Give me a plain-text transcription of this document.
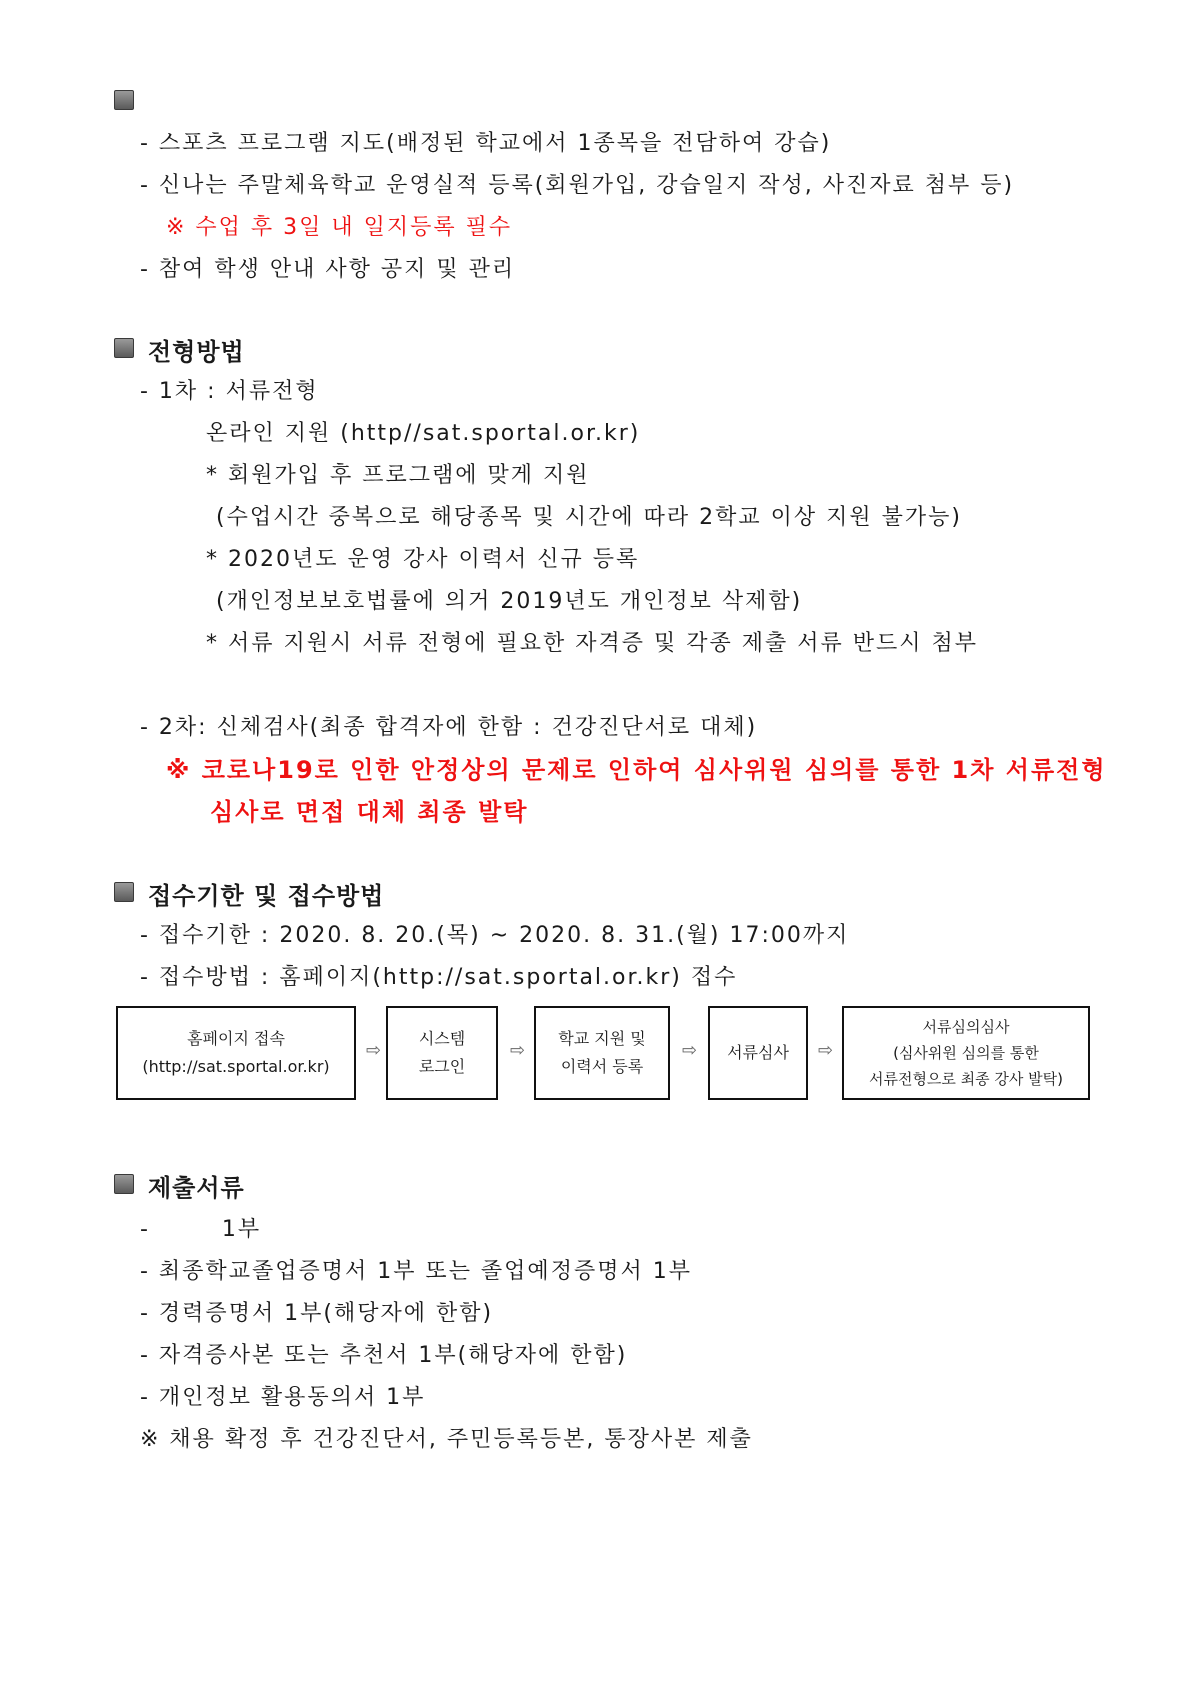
- 스포츠 프로그램 지도(배정된 학교에서 1종목을 전담하여 강습)
- 신나는 주말체육학교 운영실적 등록(회원가입, 강습일지 작성, 사진자료 첨부 등)
※ 수업 후 3일 내 일지등록 필수
- 참여 학생 안내 사항 공지 및 관리
전형방법
- 1차 : 서류전형
온라인 지원 (http//sat.sportal.or.kr)
* 회원가입 후 프로그램에 맞게 지원
(수업시간 중복으로 해당종목 및 시간에 따라 2학교 이상 지원 불가능)
* 2020년도 운영 강사 이력서 신규 등록
(개인정보보호법률에 의거 2019년도 개인정보 삭제함)
* 서류 지원시 서류 전형에 필요한 자격증 및 각종 제출 서류 반드시 첨부
- 2차: 신체검사(최종 합격자에 한함 : 건강진단서로 대체)
※ 코로나19로 인한 안정상의 문제로 인하여 심사위원 심의를 통한 1차 서류전형
심사로 면접 대체 최종 발탁
접수기한 및 접수방법
- 접수기한 : 2020. 8. 20.(목) ~ 2020. 8. 31.(월) 17:00까지
- 접수방법 : 홈페이지(http://sat.sportal.or.kr) 접수
홈페이지 접속
(http://sat.sportal.or.kr)
⇨
시스템
로그인
⇨
학교 지원 및
이력서 등록
⇨ 서류심사 ⇨
서류심의심사
(심사위원 심의를 통한
서류전형으로 최종 강사 발탁)
제출서류
-        1부
- 최종학교졸업증명서 1부 또는 졸업예정증명서 1부
- 경력증명서 1부(해당자에 한함)
- 자격증사본 또는 추천서 1부(해당자에 한함)
- 개인정보 활용동의서 1부
※ 채용 확정 후 건강진단서, 주민등록등본, 통장사본 제출
